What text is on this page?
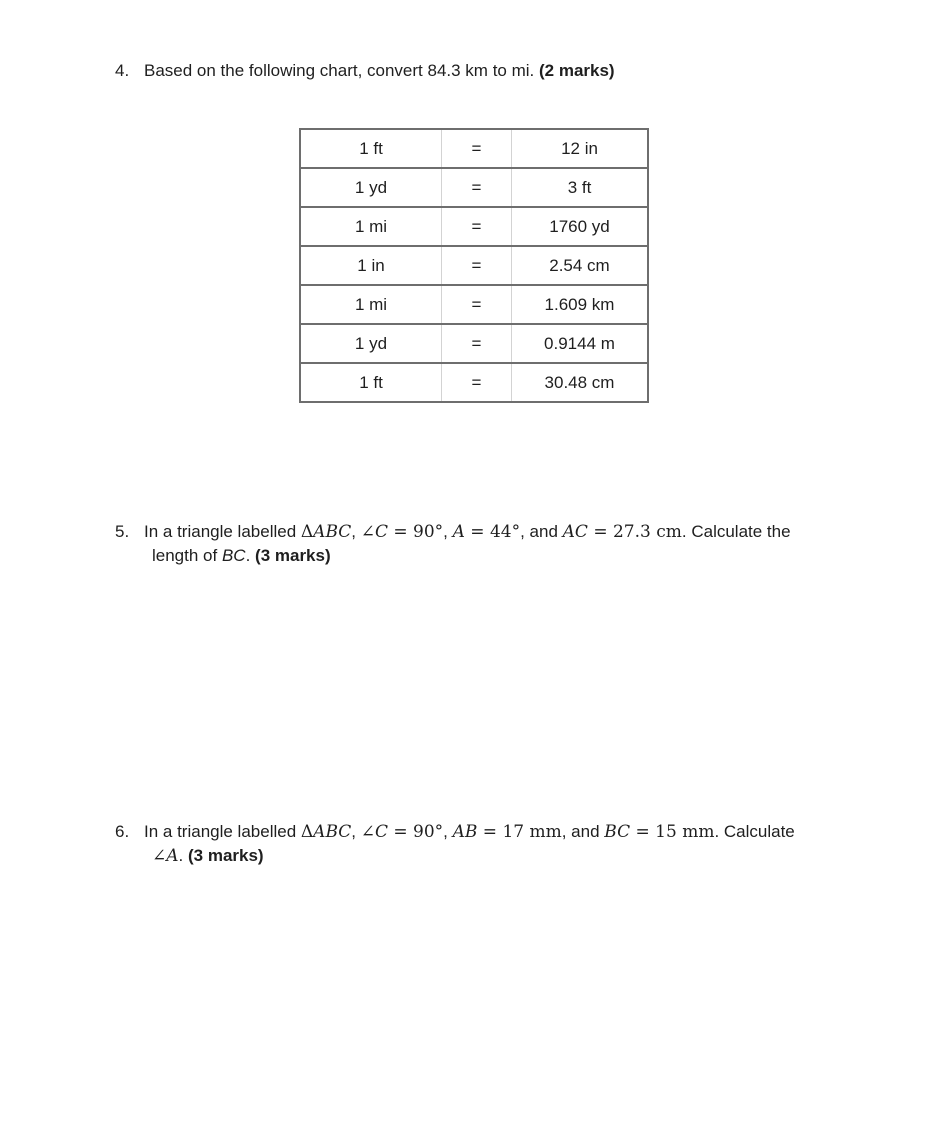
4. Based on the following chart, convert 84.3 km to mi. (2 marks)
1 ft	=	12 in
1 yd	=	3 ft
1 mi	=	1760 yd
1 in	=	2.54 cm
1 mi	=	1.609 km
1 yd	=	0.9144 m
1 ft	=	30.48 cm
5. In a triangle labelled ΔABC, ∠C = 90°, A = 44°, and AC = 27.3 cm. Calculate the
length of BC. (3 marks)
6. In a triangle labelled ΔABC, ∠C = 90°, AB = 17 mm, and BC = 15 mm. Calculate
∠A. (3 marks)
